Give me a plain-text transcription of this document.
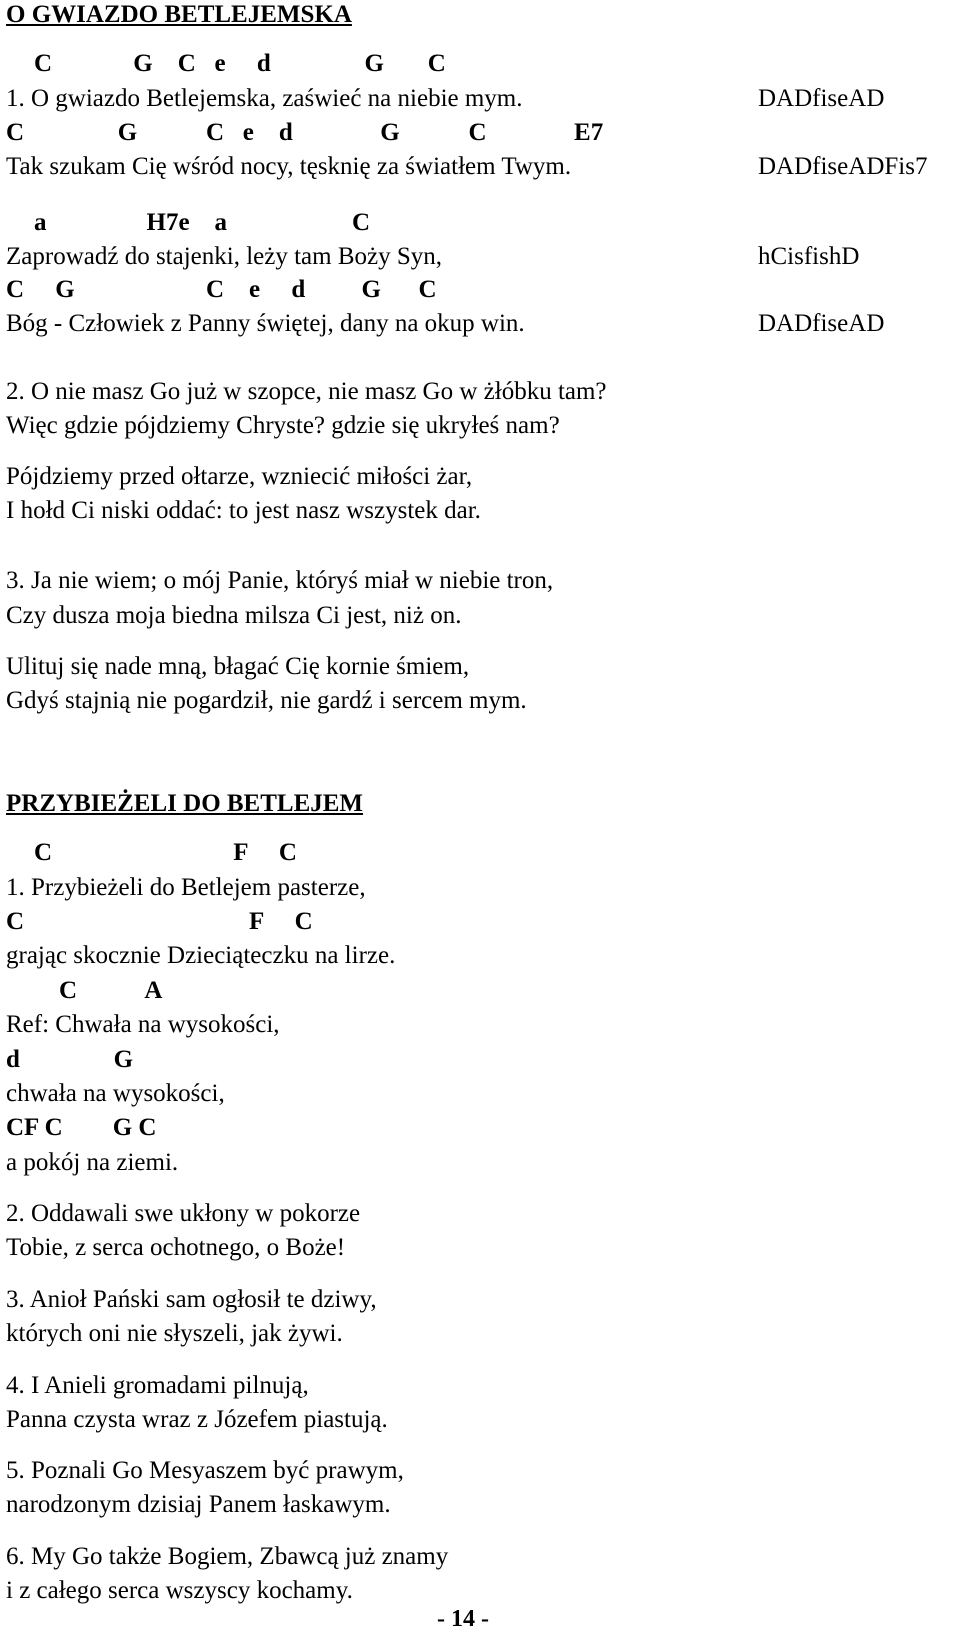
O GWIAZDO BETLEJEMSKA
C             G    C   e     d               G       C
1. O gwiazdo Betlejemska, zaświeć na niebie mym.	DADfiseAD
C               G           C   e    d              G           C              E7
Tak szukam Cię wśród nocy, tęsknię za światłem Twym.	DADfiseADFis7
a                H7e    a                    C
Zaprowadź do stajenki, leży tam Boży Syn,	hCisfishD
C     G                     C    e     d         G      C
Bóg - Człowiek z Panny świętej, dany na okup win.	DADfiseAD
2. O nie masz Go już w szopce, nie masz Go w żłóbku tam?
Więc gdzie pójdziemy Chryste? gdzie się ukryłeś nam?
Pójdziemy przed ołtarze, wzniecić miłości żar,
I hołd Ci niski oddać: to jest nasz wszystek dar.
3. Ja nie wiem; o mój Panie, któryś miał w niebie tron,
Czy dusza moja biedna milsza Ci jest, niż on.
Ulituj się nade mną, błagać Cię kornie śmiem,
Gdyś stajnią nie pogardził, nie gardź i sercem mym.
PRZYBIEŻELI DO BETLEJEM
C                             F     C
1. Przybieżeli do Betlejem pasterze,
C                                    F     C
grając skocznie Dzieciąteczku na lirze.
C           A
Ref: Chwała na wysokości,
d               G
chwała na wysokości,
CF C        G C
a pokój na ziemi.
2. Oddawali swe ukłony w pokorze
Tobie, z serca ochotnego, o Boże!
3. Anioł Pański sam ogłosił te dziwy,
których oni nie słyszeli, jak żywi.
4. I Anieli gromadami pilnują,
Panna czysta wraz z Józefem piastują.
5. Poznali Go Mesyaszem być prawym,
narodzonym dzisiaj Panem łaskawym.
6. My Go także Bogiem, Zbawcą już znamy
i z całego serca wszyscy kochamy.
- 14 -
